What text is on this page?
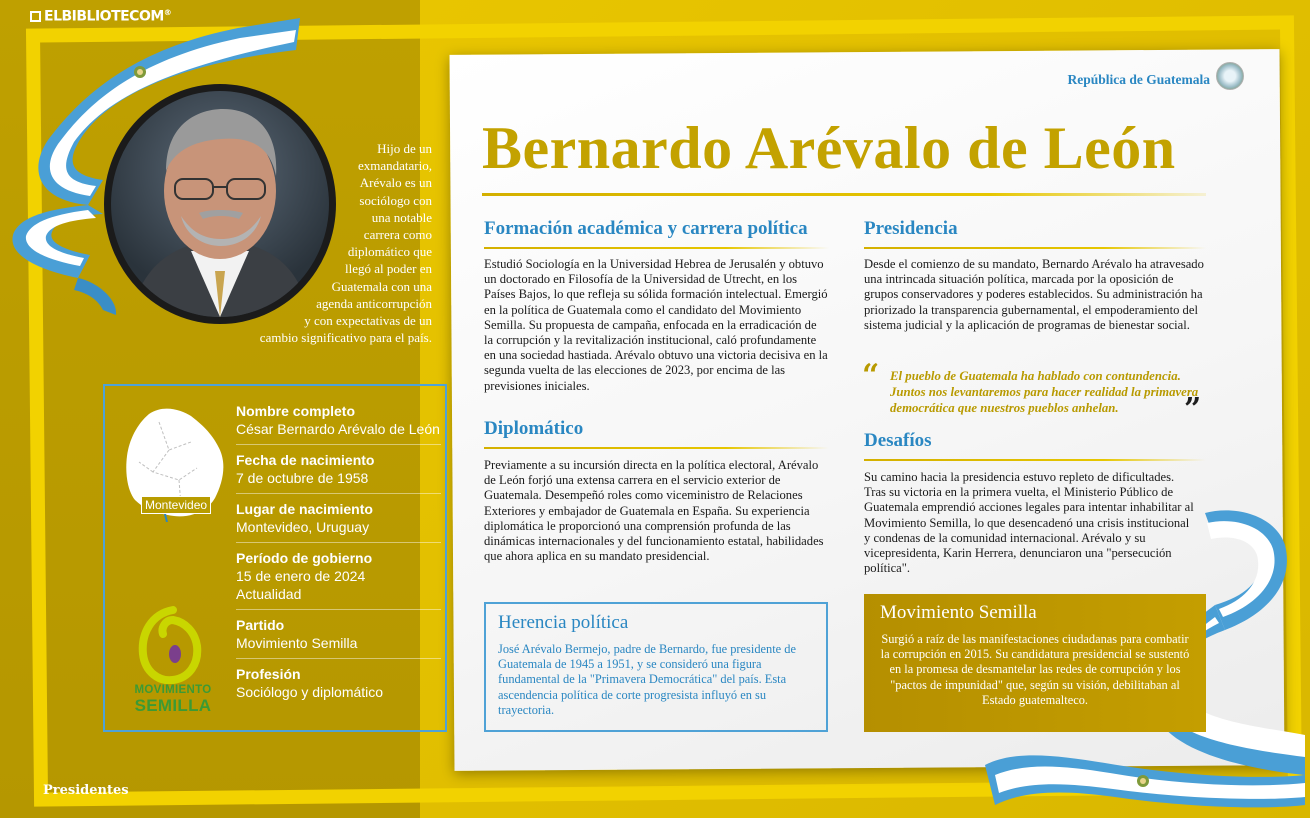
ELBIBLIOTECOM®
Hijo de un
exmandatario,
Arévalo es un
sociólogo con
una notable
carrera como
diplomático que
llegó al poder en
Guatemala con una
agenda anticorrupción
y con expectativas de un
cambio significativo para el país.
Montevideo
MOVIMIENTO
SEMILLA
Nombre completo
César Bernardo Arévalo de León
Fecha de nacimiento
7 de octubre de 1958
Lugar de nacimiento
Montevideo, Uruguay
Período de gobierno
15 de enero de 2024
Actualidad
Partido
Movimiento Semilla
Profesión
Sociólogo y diplomático
Presidentes
República de Guatemala
Bernardo Arévalo de León
Formación académica y carrera política

Estudió Sociología en la Universidad Hebrea de Jerusalén y obtuvo un doctorado en Filosofía de la Universidad de Utrecht, en los Países Bajos, lo que refleja su sólida formación intelectual. Emergió en la política de Guatemala como el candidato del Movimiento Semilla. Su propuesta de campaña, enfocada en la erradicación de la corrupción y la revitalización institucional, caló profundamente en una sociedad hastiada. Arévalo obtuvo una victoria decisiva en la segunda vuelta de las elecciones de 2023, por encima de las previsiones iniciales.

Diplomático

Previamente a su incursión directa en la política electoral, Arévalo de León forjó una extensa carrera en el servicio exterior de Guatemala. Desempeñó roles como viceministro de Relaciones Exteriores y embajador de Guatemala en España. Su experiencia diplomática le proporcionó una comprensión profunda de las dinámicas internacionales y del funcionamiento estatal, habilidades que ahora aplica en su mandato presidencial.

Herencia política
José Arévalo Bermejo, padre de Bernardo, fue presidente de Guatemala de 1945 a 1951, y se consideró una figura fundamental de la "Primavera Democrática" del país. Esta ascendencia política de corte progresista influyó en su trayectoria.
Presidencia

Desde el comienzo de su mandato, Bernardo Arévalo ha atravesado una intrincada situación política, marcada por la oposición de grupos conservadores y poderes establecidos. Su administración ha priorizado la transparencia gubernamental, el empoderamiento del sistema judicial y la aplicación de programas de bienestar social.

“ El pueblo de Guatemala ha hablado con contundencia. Juntos nos levantaremos para hacer realidad la primavera democrática que nuestros pueblos anhelan.	”
Desafíos

Su camino hacia la presidencia estuvo repleto de dificultades. Tras su victoria en la primera vuelta, el Ministerio Público de Guatemala emprendió acciones legales para intentar inhabilitar al Movimiento Semilla, lo que desencadenó una crisis institucional y condenas de la comunidad internacional. Arévalo y su vicepresidenta, Karin Herrera, denunciaron una "persecución política".

Movimiento Semilla
Surgió a raíz de las manifestaciones ciudadanas para combatir la corrupción en 2015. Su candidatura presidencial se sustentó en la promesa de desmantelar las redes de corrupción y los "pactos de impunidad" que, según su visión, debilitaban al Estado guatemalteco.
